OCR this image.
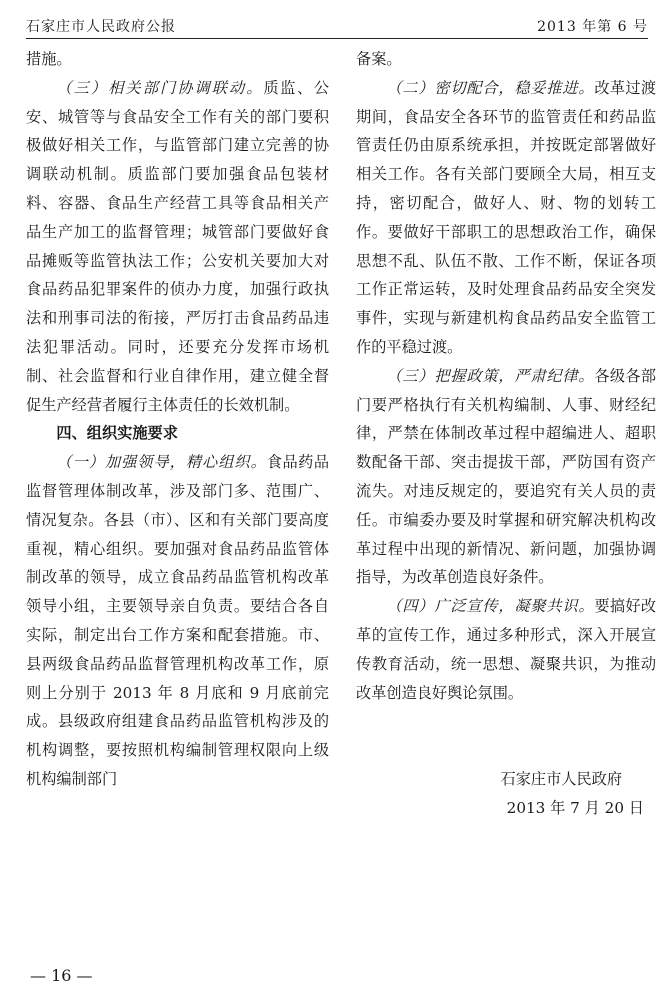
石家庄市人民政府公报	2013 年第 6 号

措施。

（三）相关部门协调联动。质监、公安、城管等与食品安全工作有关的部门要积极做好相关工作，与监管部门建立完善的协调联动机制。质监部门要加强食品包装材料、容器、食品生产经营工具等食品相关产品生产加工的监督管理；城管部门要做好食品摊贩等监管执法工作；公安机关要加大对食品药品犯罪案件的侦办力度，加强行政执法和刑事司法的衔接，严厉打击食品药品违法犯罪活动。同时，还要充分发挥市场机制、社会监督和行业自律作用，建立健全督促生产经营者履行主体责任的长效机制。

四、组织实施要求

（一）加强领导，精心组织。食品药品监督管理体制改革，涉及部门多、范围广、情况复杂。各县（市）、区和有关部门要高度重视，精心组织。要加强对食品药品监管体制改革的领导，成立食品药品监管机构改革领导小组，主要领导亲自负责。要结合各自实际，制定出台工作方案和配套措施。市、县两级食品药品监督管理机构改革工作，原则上分别于 2013 年 8 月底和 9 月底前完成。县级政府组建食品药品监管机构涉及的机构调整，要按照机构编制管理权限向上级机构编制部门

备案。

（二）密切配合，稳妥推进。改革过渡期间，食品安全各环节的监管责任和药品监管责任仍由原系统承担，并按既定部署做好相关工作。各有关部门要顾全大局，相互支持，密切配合，做好人、财、物的划转工作。要做好干部职工的思想政治工作，确保思想不乱、队伍不散、工作不断，保证各项工作正常运转，及时处理食品药品安全突发事件，实现与新建机构食品药品安全监管工作的平稳过渡。

（三）把握政策，严肃纪律。各级各部门要严格执行有关机构编制、人事、财经纪律，严禁在体制改革过程中超编进人、超职数配备干部、突击提拔干部，严防国有资产流失。对违反规定的，要追究有关人员的责任。市编委办要及时掌握和研究解决机构改革过程中出现的新情况、新问题，加强协调指导，为改革创造良好条件。

（四）广泛宣传，凝聚共识。要搞好改革的宣传工作，通过多种形式，深入开展宣传教育活动，统一思想、凝聚共识，为推动改革创造良好舆论氛围。

石家庄市人民政府

2013 年 7 月 20 日

— 16 —
